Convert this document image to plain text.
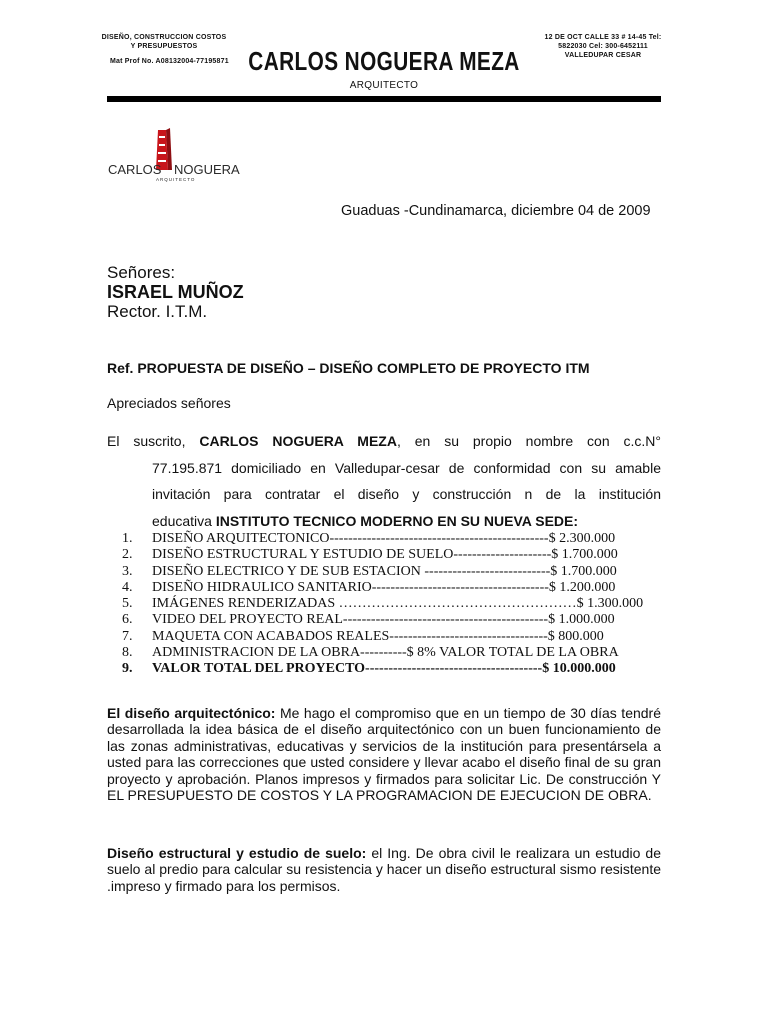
DISEÑO, CONSTRUCCION COSTOS
Y PRESUPUESTOS
Mat Prof No. A08132004-77195871 CARLOS NOGUERA MEZA
ARQUITECTO
12 DE OCT CALLE 33 # 14-45 Tel:
5822030 Cel: 300-6452111
VALLEDUPAR CESAR
CARLOS NOGUERA
ARQUITECTO
Guaduas -Cundinamarca, diciembre 04 de 2009
Señores:
ISRAEL MUÑOZ
Rector. I.T.M.
Ref. PROPUESTA DE DISEÑO – DISEÑO COMPLETO DE PROYECTO ITM
Apreciados señores
El suscrito, CARLOS NOGUERA MEZA, en su propio nombre con c.c.N°
77.195.871 domiciliado en Valledupar-cesar de conformidad con su amable
invitación para contratar el diseño y construcción n de la institución
educativa INSTITUTO TECNICO MODERNO EN SU NUEVA SEDE:
1.	DISEÑO ARQUITECTONICO-----------------------------------------------$ 2.300.000
2.	DISEÑO ESTRUCTURAL Y ESTUDIO DE SUELO---------------------$ 1.700.000
3.	DISEÑO ELECTRICO Y DE SUB ESTACION ---------------------------$ 1.700.000
4.	DISEÑO HIDRAULICO SANITARIO--------------------------------------$ 1.200.000
5.	IMÁGENES RENDERIZADAS ……………………………………………$ 1.300.000
6.	VIDEO DEL PROYECTO REAL--------------------------------------------$ 1.000.000
7.	MAQUETA CON ACABADOS REALES----------------------------------$ 800.000
8.	ADMINISTRACION DE LA OBRA----------$ 8% VALOR TOTAL DE LA OBRA
9.	VALOR TOTAL DEL PROYECTO--------------------------------------$ 10.000.000
El diseño arquitectónico: Me hago el compromiso que en un tiempo de 30 días tendré desarrollada la idea básica de el diseño arquitectónico con un buen funcionamiento de las zonas administrativas, educativas y servicios de la institución para presentársela a usted para las correcciones que usted considere y llevar acabo el diseño final de su gran proyecto y aprobación. Planos impresos y firmados para solicitar Lic. De construcción Y EL PRESUPUESTO DE COSTOS Y LA PROGRAMACION DE EJECUCION DE OBRA.
Diseño estructural y estudio de suelo: el Ing. De obra civil le realizara un estudio de suelo al predio para calcular su resistencia y hacer un diseño estructural sismo resistente .impreso y firmado para los permisos.
